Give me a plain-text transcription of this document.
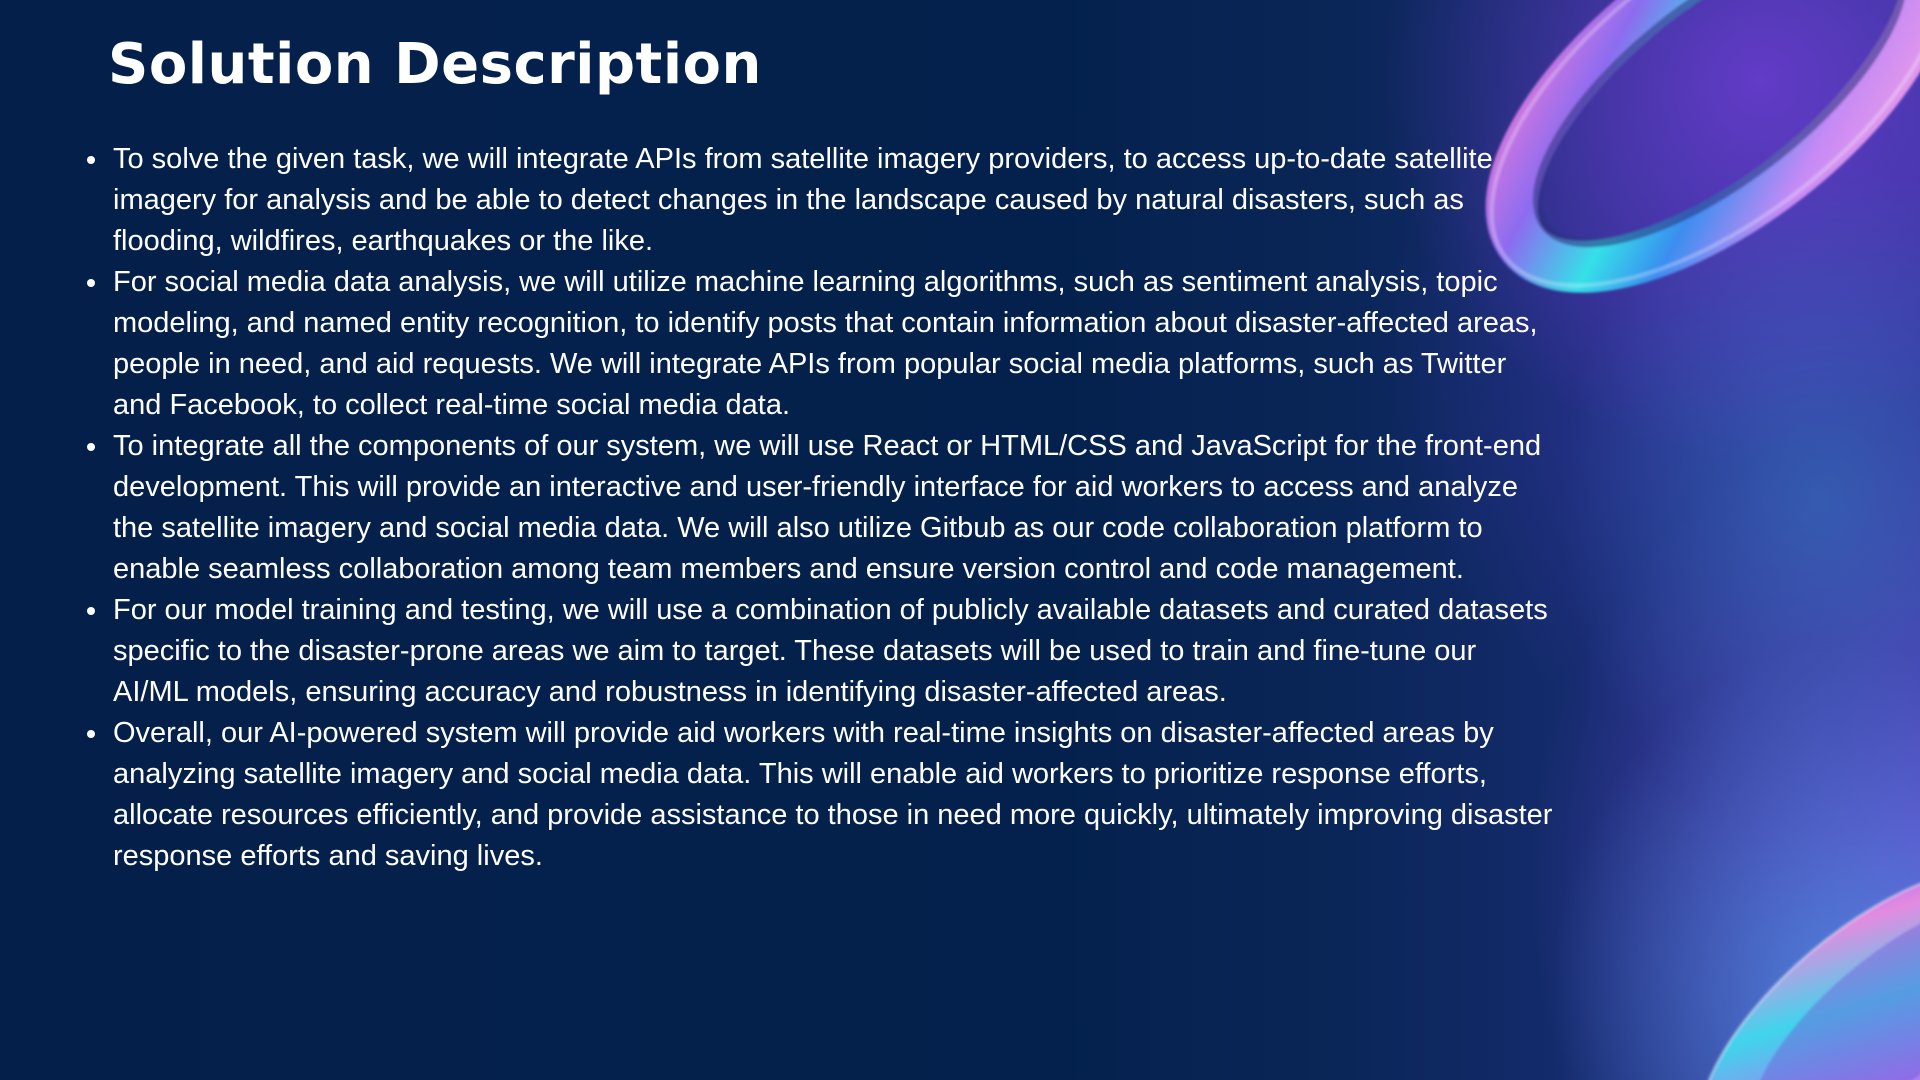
Solution Description
To solve the given task, we will integrate APIs from satellite imagery providers, to access up-to-date satellite imagery for analysis and be able to detect changes in the landscape caused by natural disasters, such as flooding, wildfires, earthquakes or the like.
For social media data analysis, we will utilize machine learning algorithms, such as sentiment analysis, topic modeling, and named entity recognition, to identify posts that contain information about disaster-affected areas, people in need, and aid requests. We will integrate APIs from popular social media platforms, such as Twitter and Facebook, to collect real-time social media data.
To integrate all the components of our system, we will use React or HTML/CSS and JavaScript for the front-end development. This will provide an interactive and user-friendly interface for aid workers to access and analyze the satellite imagery and social media data. We will also utilize Gitbub as our code collaboration platform to enable seamless collaboration among team members and ensure version control and code management.
For our model training and testing, we will use a combination of publicly available datasets and curated datasets specific to the disaster-prone areas we aim to target. These datasets will be used to train and fine-tune our AI/ML models, ensuring accuracy and robustness in identifying disaster-affected areas.
Overall, our AI-powered system will provide aid workers with real-time insights on disaster-affected areas by analyzing satellite imagery and social media data. This will enable aid workers to prioritize response efforts, allocate resources efficiently, and provide assistance to those in need more quickly, ultimately improving disaster response efforts and saving lives.
